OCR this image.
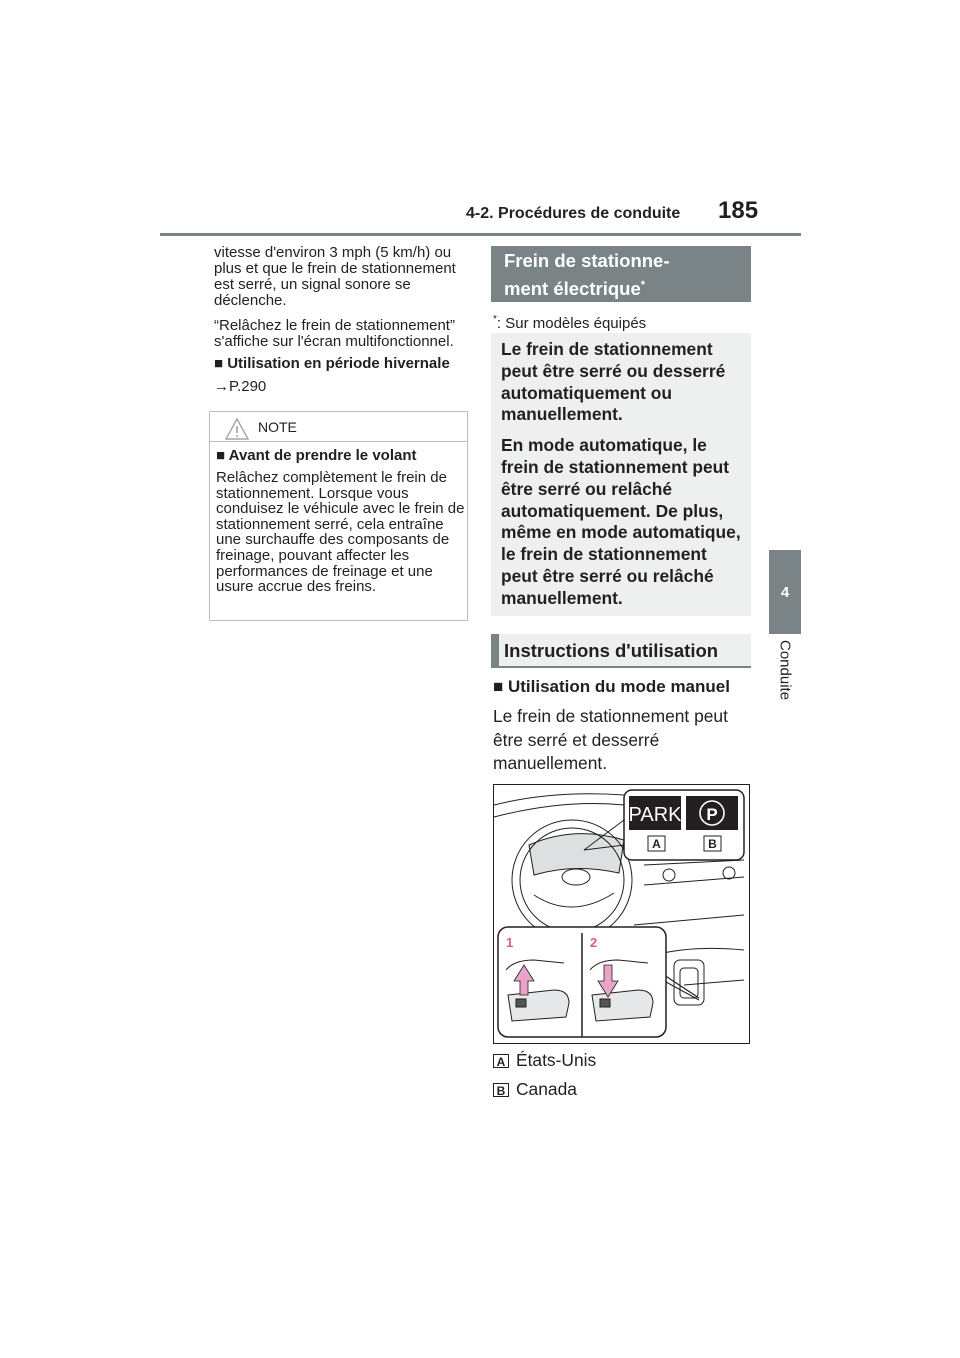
4-2. Procédures de conduite 185
4
Conduite
vitesse d'environ 3 mph (5 km/h) ou plus et que le frein de stationnement est serré, un signal sonore se déclenche.
“Relâchez le frein de stationnement” s'affiche sur l'écran multifonctionnel.
■ Utilisation en période hivernale
→P.290
NOTE
■ Avant de prendre le volant
Relâchez complètement le frein de stationnement. Lorsque vous conduisez le véhicule avec le frein de stationnement serré, cela entraîne une surchauffe des composants de freinage, pouvant affecter les performances de freinage et une usure accrue des freins.
Frein de stationne-
ment électrique*
*: Sur modèles équipés

Le frein de stationnement peut être serré ou desserré automatiquement ou manuellement.

En mode automatique, le frein de stationnement peut être serré ou relâché automatiquement. De plus, même en mode automatique, le frein de stationnement peut être serré ou relâché manuellement.

Instructions d'utilisation
■ Utilisation du mode manuel
Le frein de stationnement peut être serré et desserré manuellement.
PARK P
A	B
1	2
A États-Unis
B Canada
